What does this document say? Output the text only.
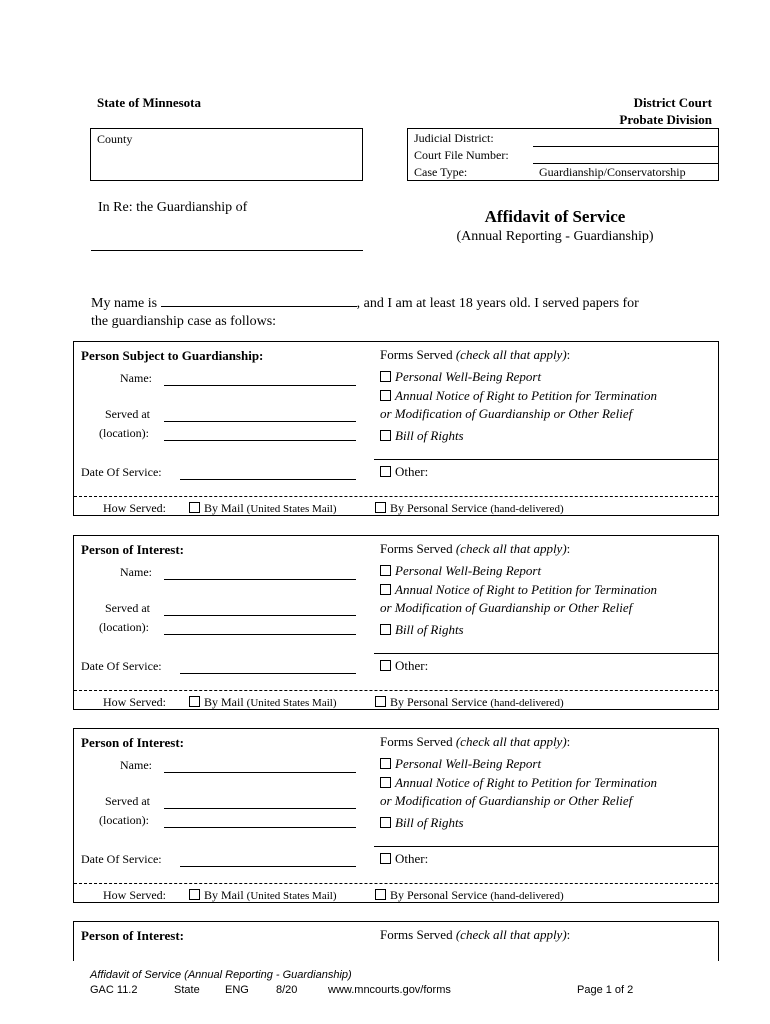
State of Minnesota	District Court
Probate Division
County	Judicial District:
Court File Number:
Case Type:	Guardianship/Conservatorship
In Re: the Guardianship of	Affidavit of Service
(Annual Reporting - Guardianship)
My name is	, and I am at least 18 years old. I served papers for
the guardianship case as follows:
Person Subject to Guardianship:	Forms Served (check all that apply):
Name:
Served at
(location):
Date Of Service:
Personal Well-Being Report
Annual Notice of Right to Petition for Termination
or Modification of Guardianship or Other Relief
Bill of Rights
Other:
How Served:	By Mail (United States Mail)	By Personal Service (hand-delivered)
Person of Interest:	Forms Served (check all that apply):
Name:
Served at
(location):
Date Of Service:
Personal Well-Being Report
Annual Notice of Right to Petition for Termination
or Modification of Guardianship or Other Relief
Bill of Rights
Other:
How Served:	By Mail (United States Mail)	By Personal Service (hand-delivered)
Person of Interest:	Forms Served (check all that apply):
Name:
Served at
(location):
Date Of Service:
Personal Well-Being Report
Annual Notice of Right to Petition for Termination
or Modification of Guardianship or Other Relief
Bill of Rights
Other:
How Served:	By Mail (United States Mail)	By Personal Service (hand-delivered)
Person of Interest:	Forms Served (check all that apply):
Affidavit of Service (Annual Reporting - Guardianship)
GAC 11.2	State ENG 8/20	www.mncourts.gov/forms	Page 1 of 2
